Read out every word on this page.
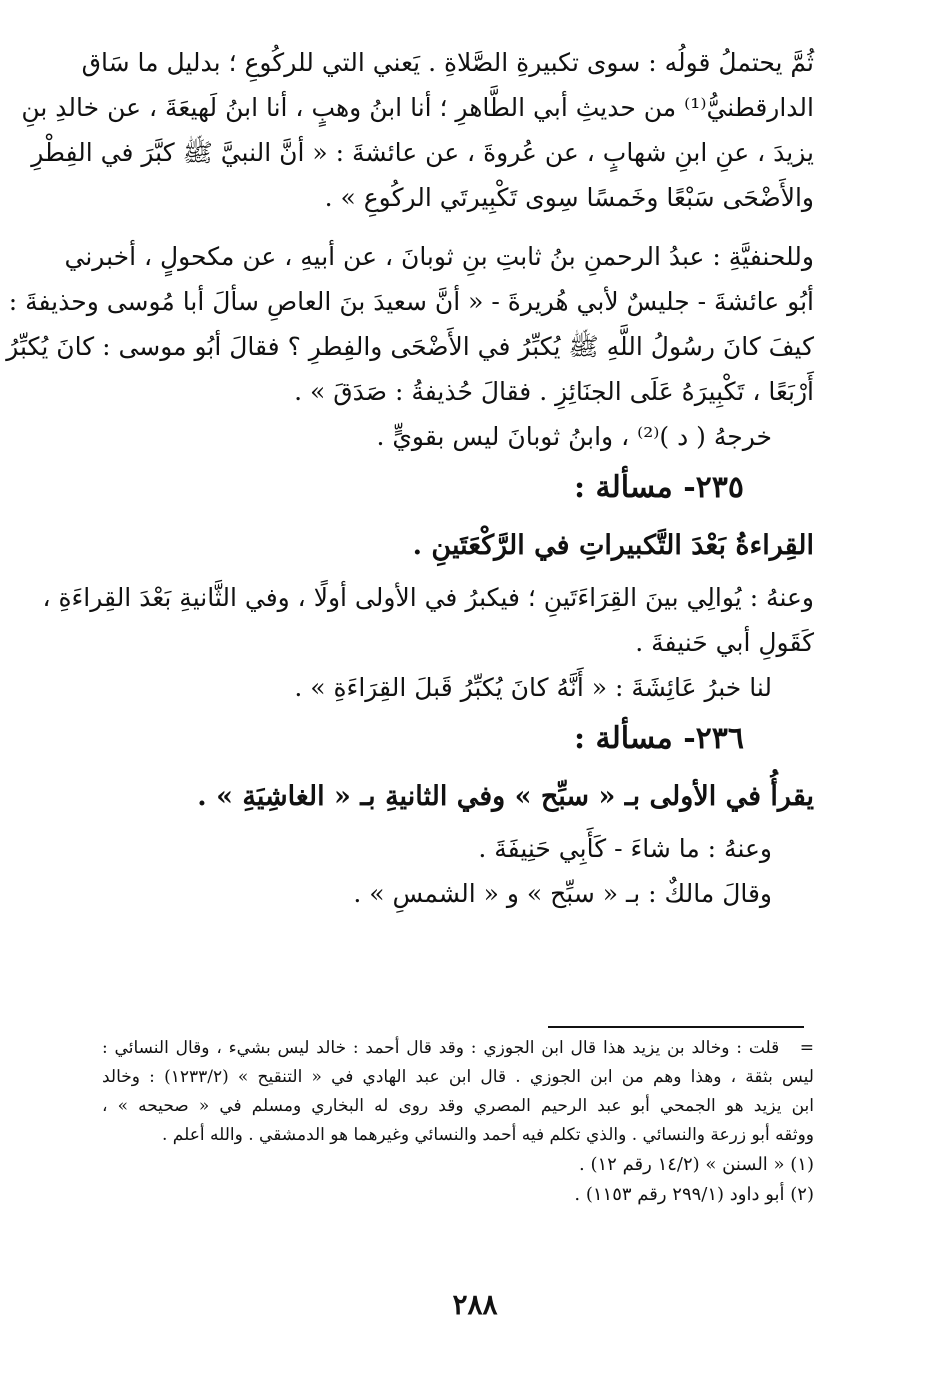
ثُمَّ يحتملُ قولُه : سوى تكبيرةِ الصَّلاةِ . يَعني التي للركُوعِ ؛ بدليل ما سَاق
الدارقطنيُّ⁽¹⁾ من حديثِ أبي الطَّاهرِ ؛ أنا ابنُ وهبٍ ، أنا ابنُ لَهيعَةَ ، عن خالدِ بنِ
يزيدَ ، عنِ ابنِ شهابٍ ، عن عُروةَ ، عن عائشةَ : « أنَّ النبيَّ ﷺ كبَّرَ في الفِطْرِ
والأَضْحَى سَبْعًا وخَمسًا سِوى تَكْبِيرتَي الركُوعِ » .
وللحنفيَّةِ : عبدُ الرحمنِ بنُ ثابتِ بنِ ثوبانَ ، عن أبيهِ ، عن مكحولٍ ، أخبرني
أبُو عائشةَ - جليسٌ لأبي هُريرةَ - « أنَّ سعيدَ بنَ العاصِ سألَ أبا مُوسى وحذيفةَ :
كيفَ كانَ رسُولُ اللَّهِ ﷺ يُكبِّرُ في الأَضْحَى والفِطرِ ؟ فقالَ أبُو موسى : كانَ يُكبِّرُ
أَرْبَعًا ، تَكْبِيرَهُ عَلَى الجنَائِزِ . فقالَ حُذيفةُ : صَدَقَ » .
خرجهُ ( د )⁽²⁾ ، وابنُ ثوبانَ ليس بقويٍّ .
٢٣٥- مسألة :
القِراءةُ بَعْدَ التَّكبيراتِ في الرَّكْعَتَينِ .
وعنهُ : يُوالِي بينَ القِرَاءَتَينِ ؛ فيكبرُ في الأولى أولًا ، وفي الثَّانيةِ بَعْدَ القِراءَةِ ،
كَقَولِ أبي حَنيفةَ .
لنا خبرُ عَائِشَةَ : « أَنَّهُ كانَ يُكبِّرُ قَبلَ القِرَاءَةِ » .
٢٣٦- مسألة :
يقرأُ في الأولى بـ « سبِّح » وفي الثانيةِ بـ « الغاشِيَةِ » .
وعنهُ : ما شاءَ - كَأَبِي حَنِيفَةَ .
وقالَ مالكٌ : بـ « سبِّح » و « الشمسِ » .
=   قلت : وخالد بن يزيد هذا قال ابن الجوزي : وقد قال أحمد : خالد ليس بشيء ، وقال النسائي :
ليس بثقة ، وهذا وهم من ابن الجوزي . قال ابن عبد الهادي في « التنقيح » (١٢٣٣/٢) : وخالد
ابن يزيد هو الجمحي أبو عبد الرحيم المصري وقد روى له البخاري ومسلم في « صحيحه » ،
ووثقه أبو زرعة والنسائي . والذي تكلم فيه أحمد والنسائي وغيرهما هو الدمشقي . والله أعلم .
(١) « السنن » (١٤/٢ رقم ١٢) .
(٢) أبو داود (٢٩٩/١ رقم ١١٥٣) .
٢٨٨
